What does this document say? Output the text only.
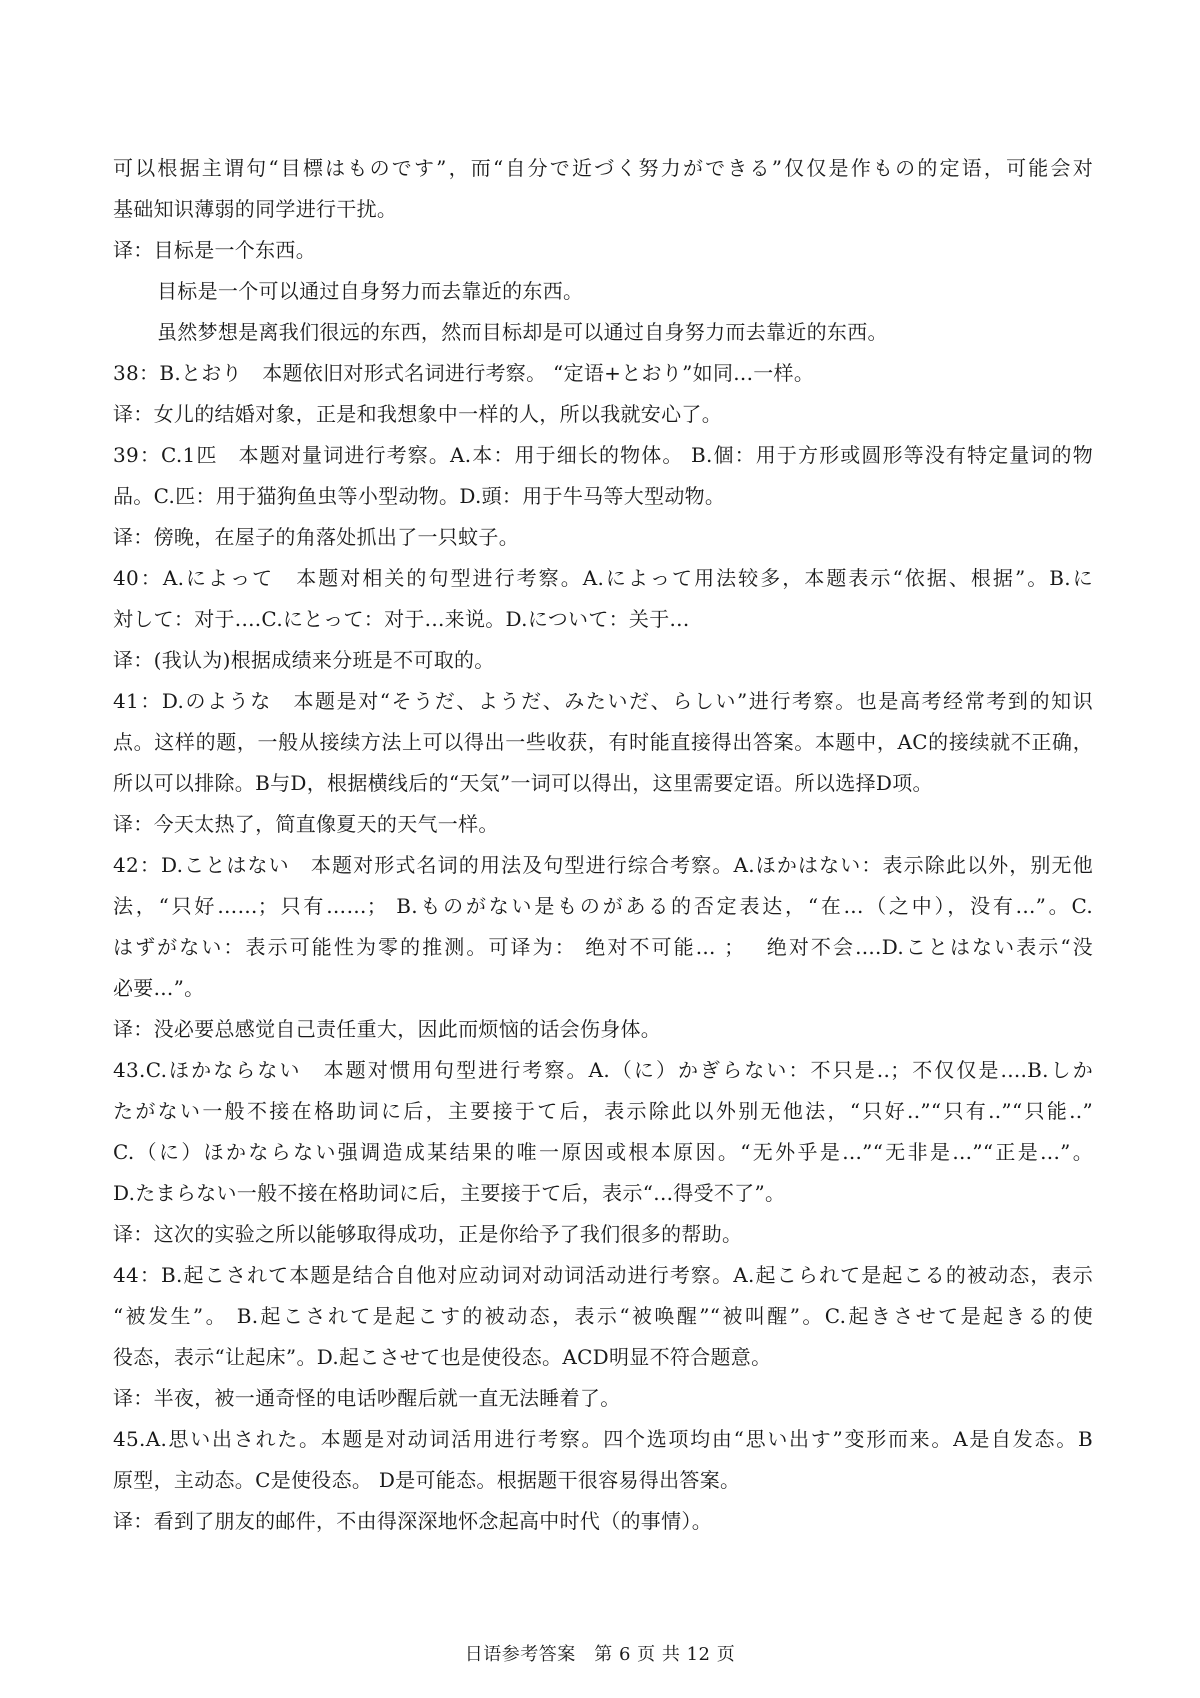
可以根据主谓句“目標はものです”，而“自分で近づく努力ができる”仅仅是作もの的定语，可能会对
基础知识薄弱的同学进行干扰。
译：目标是一个东西。
目标是一个可以通过自身努力而去靠近的东西。
虽然梦想是离我们很远的东西，然而目标却是可以通过自身努力而去靠近的东西。
38：B.とおり　本题依旧对形式名词进行考察。 “定语+とおり”如同...一样。
译：女儿的结婚对象，正是和我想象中一样的人，所以我就安心了。
39：C.1匹　本题对量词进行考察。A.本：用于细长的物体。 B.個：用于方形或圆形等没有特定量词的物
品。C.匹：用于猫狗鱼虫等小型动物。D.頭：用于牛马等大型动物。
译：傍晚，在屋子的角落处抓出了一只蚊子。
40：A.によって　本题对相关的句型进行考察。A.によって用法较多，本题表示“依据、根据”。B.に
対して：对于....C.にとって：对于...来说。D.について：关于...
译：(我认为)根据成绩来分班是不可取的。
41：D.のような　本题是对“そうだ、ようだ、みたいだ、らしい”进行考察。也是高考经常考到的知识
点。这样的题，一般从接续方法上可以得出一些收获，有时能直接得出答案。本题中，AC的接续就不正确，
所以可以排除。B与D，根据横线后的“天気”一词可以得出，这里需要定语。所以选择D项。
译：今天太热了，简直像夏天的天气一样。
42：D.ことはない　本题对形式名词的用法及句型进行综合考察。A.ほかはない：表示除此以外，别无他
法，“只好……；只有……； B.ものがない是ものがある的否定表达，“在...（之中），没有...”。C.
はずがない：表示可能性为零的推测。可译为： 绝对不可能... ；　 绝对不会....D.ことはない表示“没
必要...”。
译：没必要总感觉自己责任重大，因此而烦恼的话会伤身体。
43.C.ほかならない　本题对惯用句型进行考察。A.（に）かぎらない：不只是..；不仅仅是....B.しか
たがない一般不接在格助词に后，主要接于て后，表示除此以外别无他法，“只好..”“只有..”“只能..”
C.（に）ほかならない强调造成某结果的唯一原因或根本原因。“无外乎是...”“无非是...”“正是...”。
D.たまらない一般不接在格助词に后，主要接于て后，表示“...得受不了”。
译：这次的实验之所以能够取得成功，正是你给予了我们很多的帮助。
44：B.起こされて本题是结合自他对应动词对动词活动进行考察。A.起こられて是起こる的被动态，表示
“被发生”。 B.起こされて是起こす的被动态，表示“被唤醒”“被叫醒”。C.起きさせて是起きる的使
役态，表示“让起床”。D.起こさせて也是使役态。ACD明显不符合题意。
译：半夜，被一通奇怪的电话吵醒后就一直无法睡着了。
45.A.思い出された。本题是对动词活用进行考察。四个选项均由“思い出す”变形而来。A是自发态。B
原型，主动态。C是使役态。 D是可能态。根据题干很容易得出答案。
译：看到了朋友的邮件，不由得深深地怀念起高中时代（的事情）。
日语参考答案　第 6 页 共 12 页
